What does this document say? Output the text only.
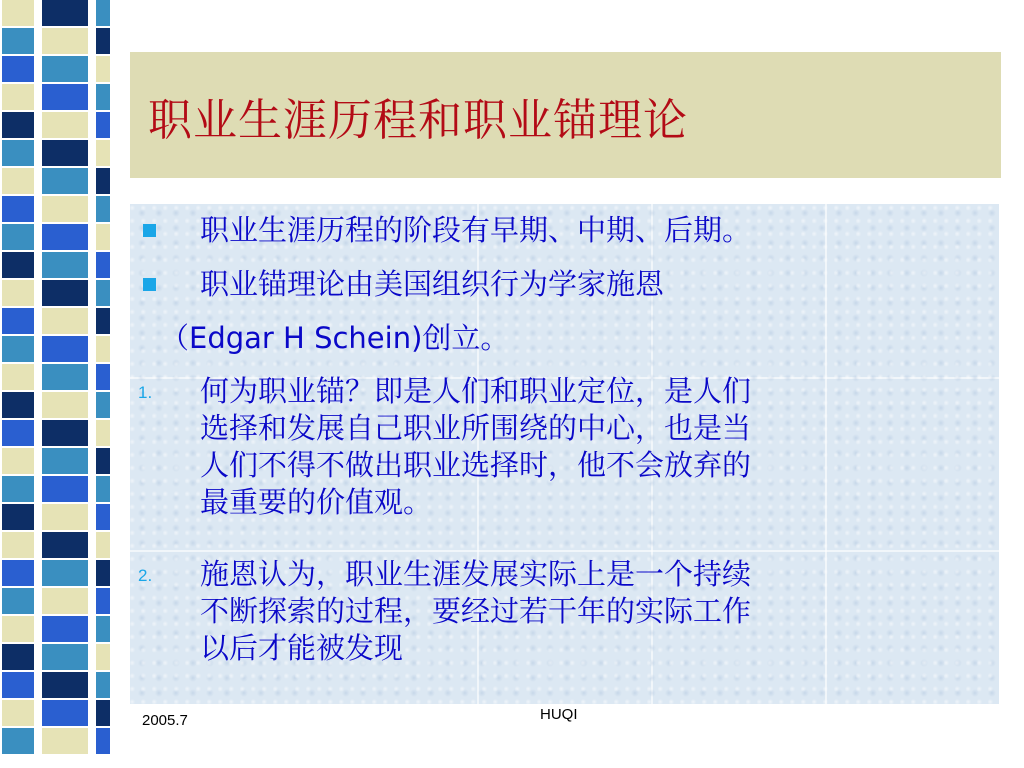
职业生涯历程和职业锚理论
职业生涯历程的阶段有早期、中期、后期。
职业锚理论由美国组织行为学家施恩
（Edgar H Schein)创立。
1. 何为职业锚？即是人们和职业定位，是人们
选择和发展自己职业所围绕的中心，也是当
人们不得不做出职业选择时，他不会放弃的
最重要的价值观。
2. 施恩认为，职业生涯发展实际上是一个持续
不断探索的过程，要经过若干年的实际工作
以后才能被发现
2005.7	HUQI
